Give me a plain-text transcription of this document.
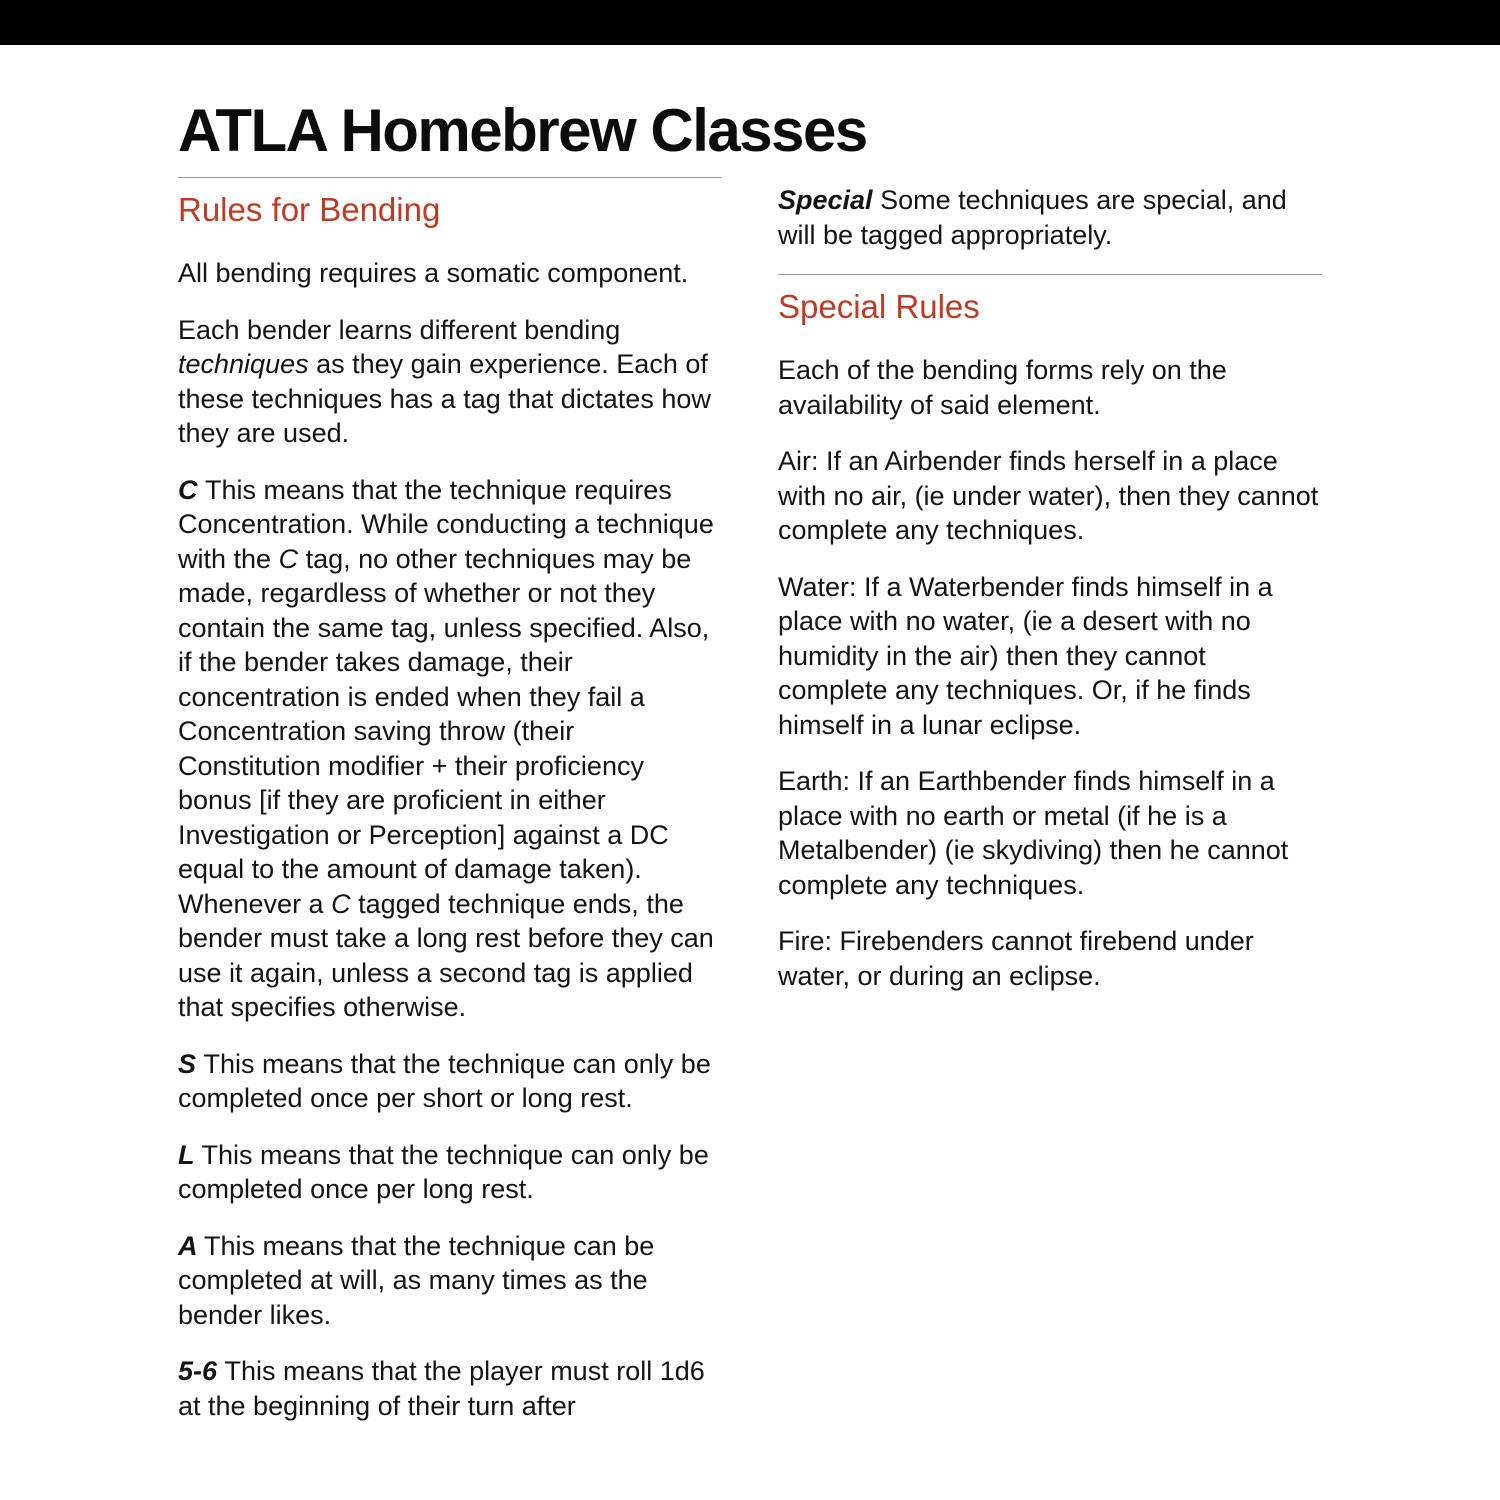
ATLA Homebrew Classes
Rules for Bending

All bending requires a somatic component.

Each bender learns different bending techniques as they gain experience. Each of these techniques has a tag that dictates how they are used.

C This means that the technique requires Concentration. While conducting a technique with the C tag, no other techniques may be made, regardless of whether or not they contain the same tag, unless specified. Also, if the bender takes damage, their concentration is ended when they fail a Concentration saving throw (their Constitution modifier + their proficiency bonus [if they are proficient in either Investigation or Perception] against a DC equal to the amount of damage taken). Whenever a C tagged technique ends, the bender must take a long rest before they can use it again, unless a second tag is applied that specifies otherwise.

S This means that the technique can only be completed once per short or long rest.

L This means that the technique can only be completed once per long rest.

A This means that the technique can be completed at will, as many times as the bender likes.

5-6 This means that the player must roll 1d6 at the beginning of their turn after

Special Some techniques are special, and will be tagged appropriately.

Special Rules

Each of the bending forms rely on the availability of said element.

Air: If an Airbender finds herself in a place with no air, (ie under water), then they cannot complete any techniques.

Water: If a Waterbender finds himself in a place with no water, (ie a desert with no humidity in the air) then they cannot complete any techniques. Or, if he finds himself in a lunar eclipse.

Earth: If an Earthbender finds himself in a place with no earth or metal (if he is a Metalbender) (ie skydiving) then he cannot complete any techniques.

Fire: Firebenders cannot firebend under water, or during an eclipse.
